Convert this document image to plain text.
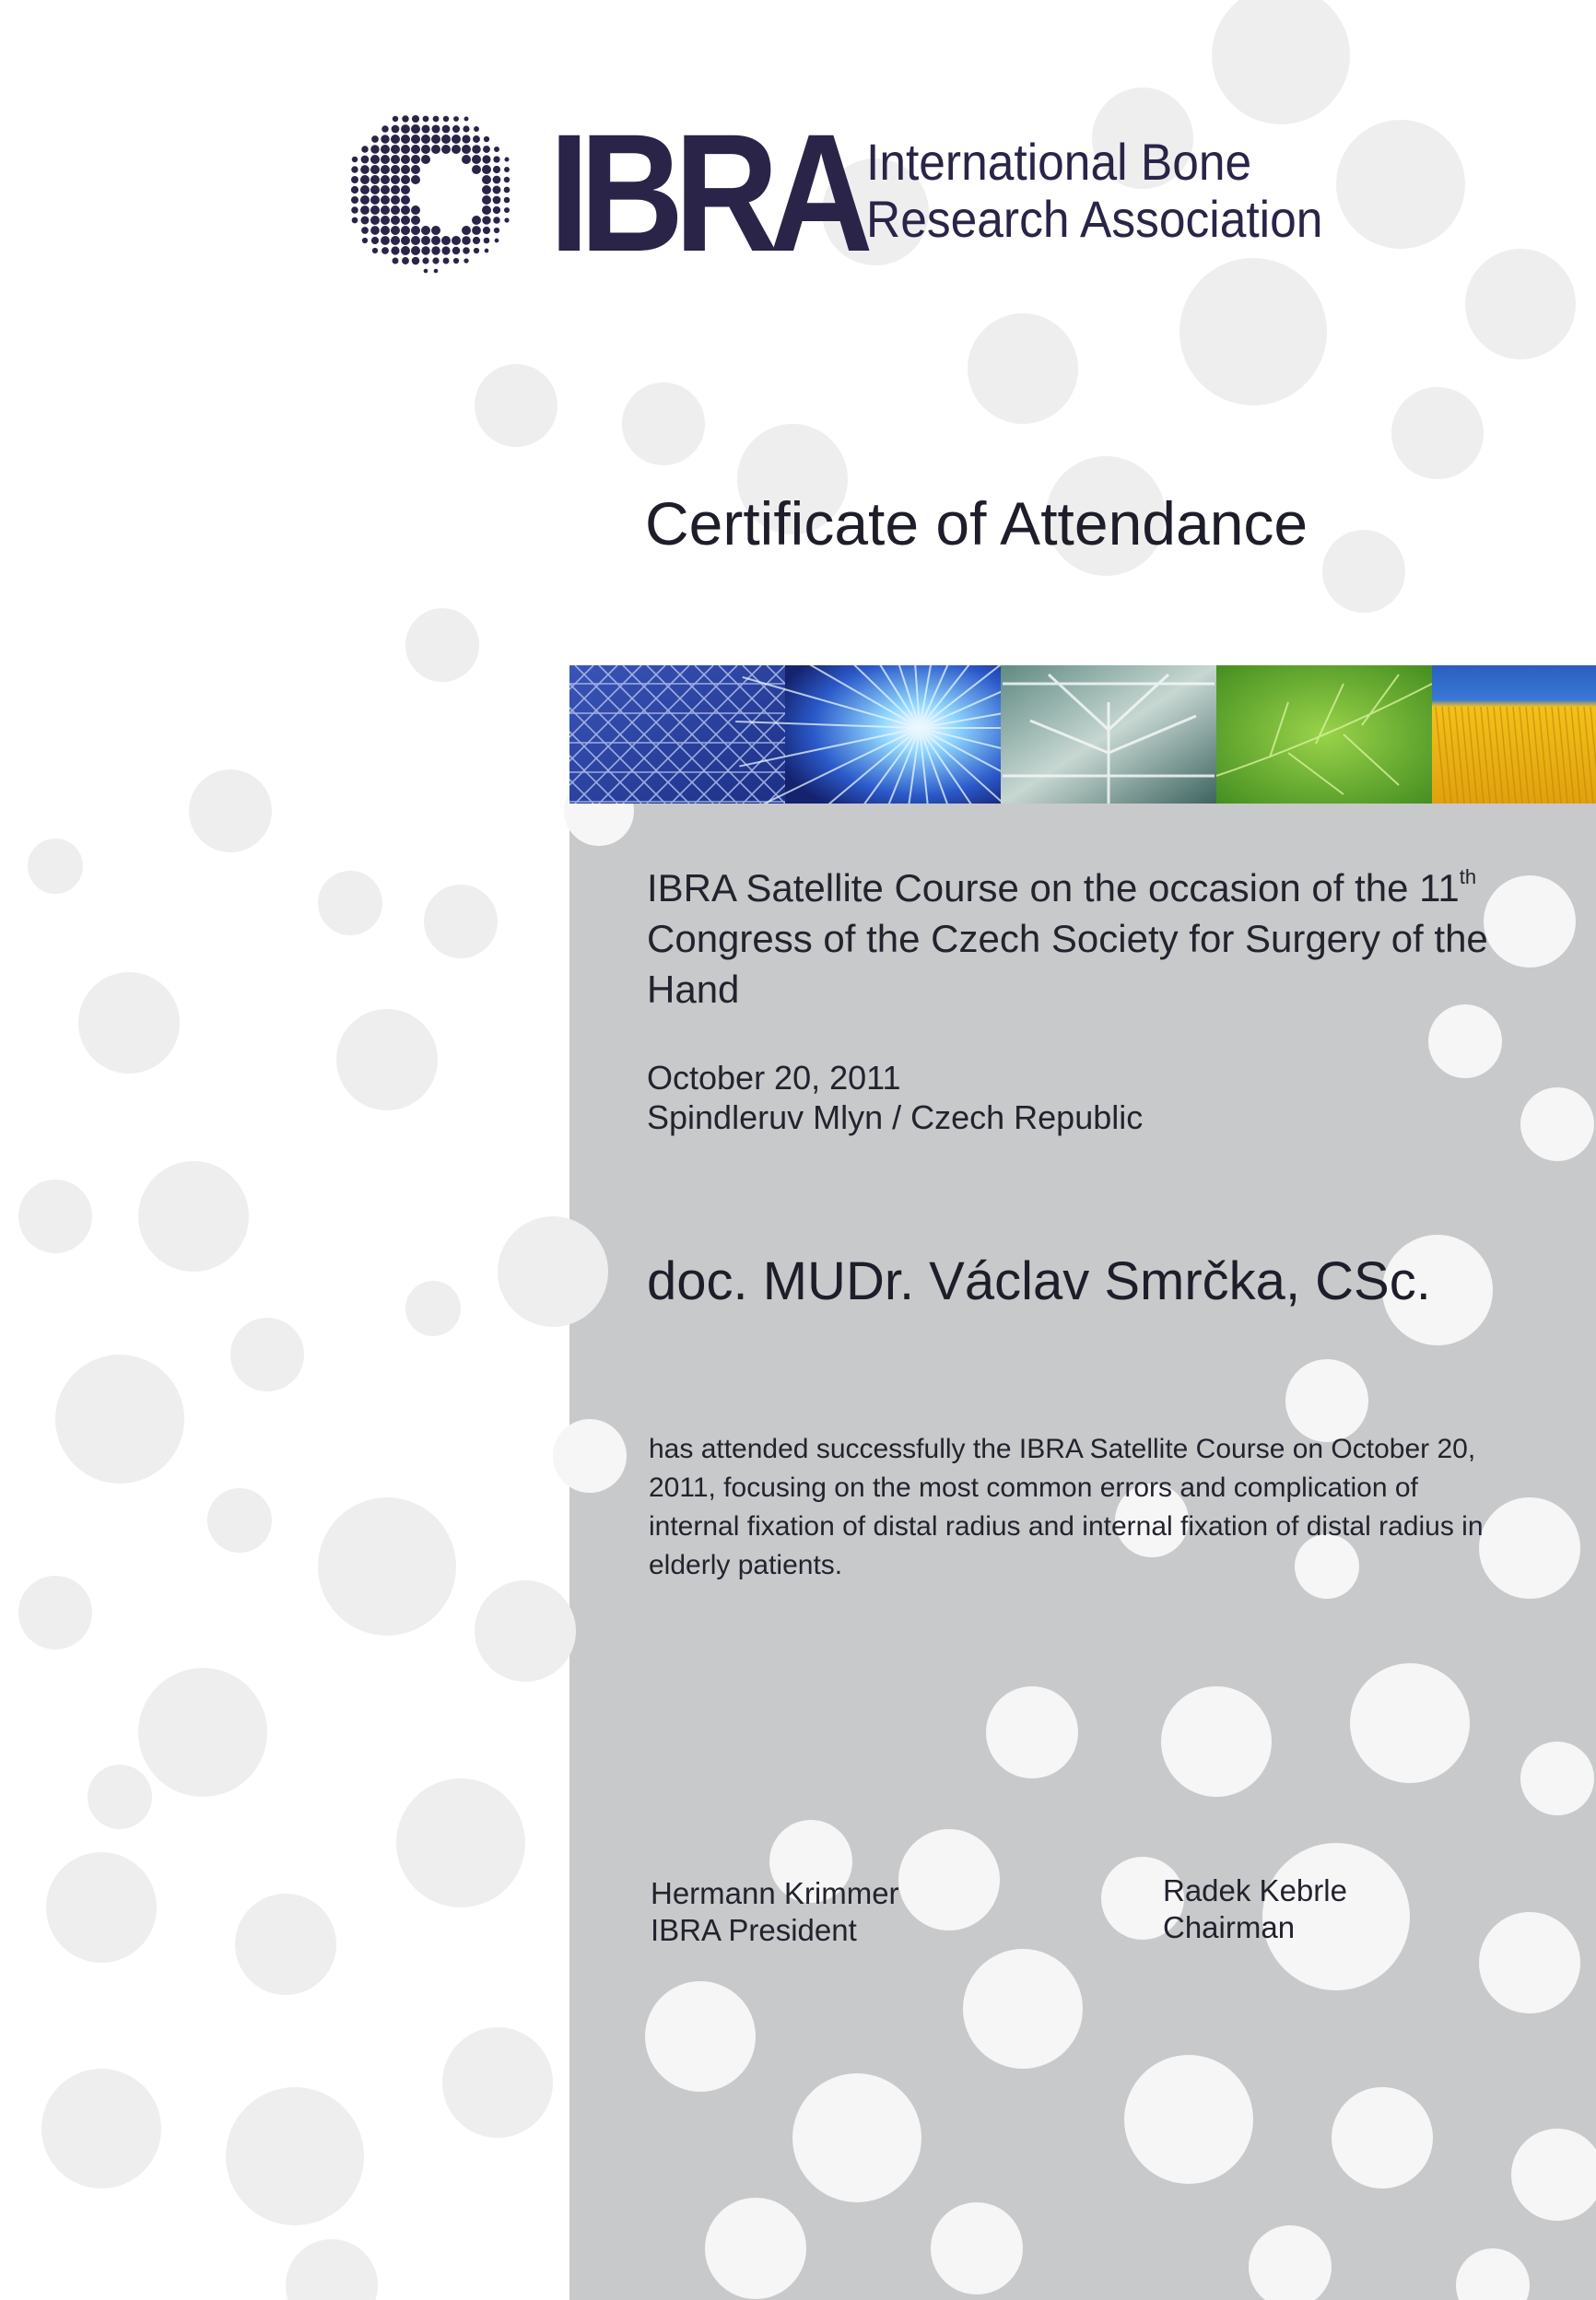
IBRA International Bone
Research Association
Certificate of Attendance
IBRA Satellite Course on the occasion of the 11th Congress of the Czech Society for Surgery of the Hand
October 20, 2011
Spindleruv Mlyn / Czech Republic
doc. MUDr. Václav Smrčka, CSc.
has attended successfully the IBRA Satellite Course on October 20, 2011, focusing on the most common errors and complication of internal fixation of distal radius and internal fixation of distal radius in elderly patients.
Hermann Krimmer
IBRA President
Radek Kebrle
Chairman
